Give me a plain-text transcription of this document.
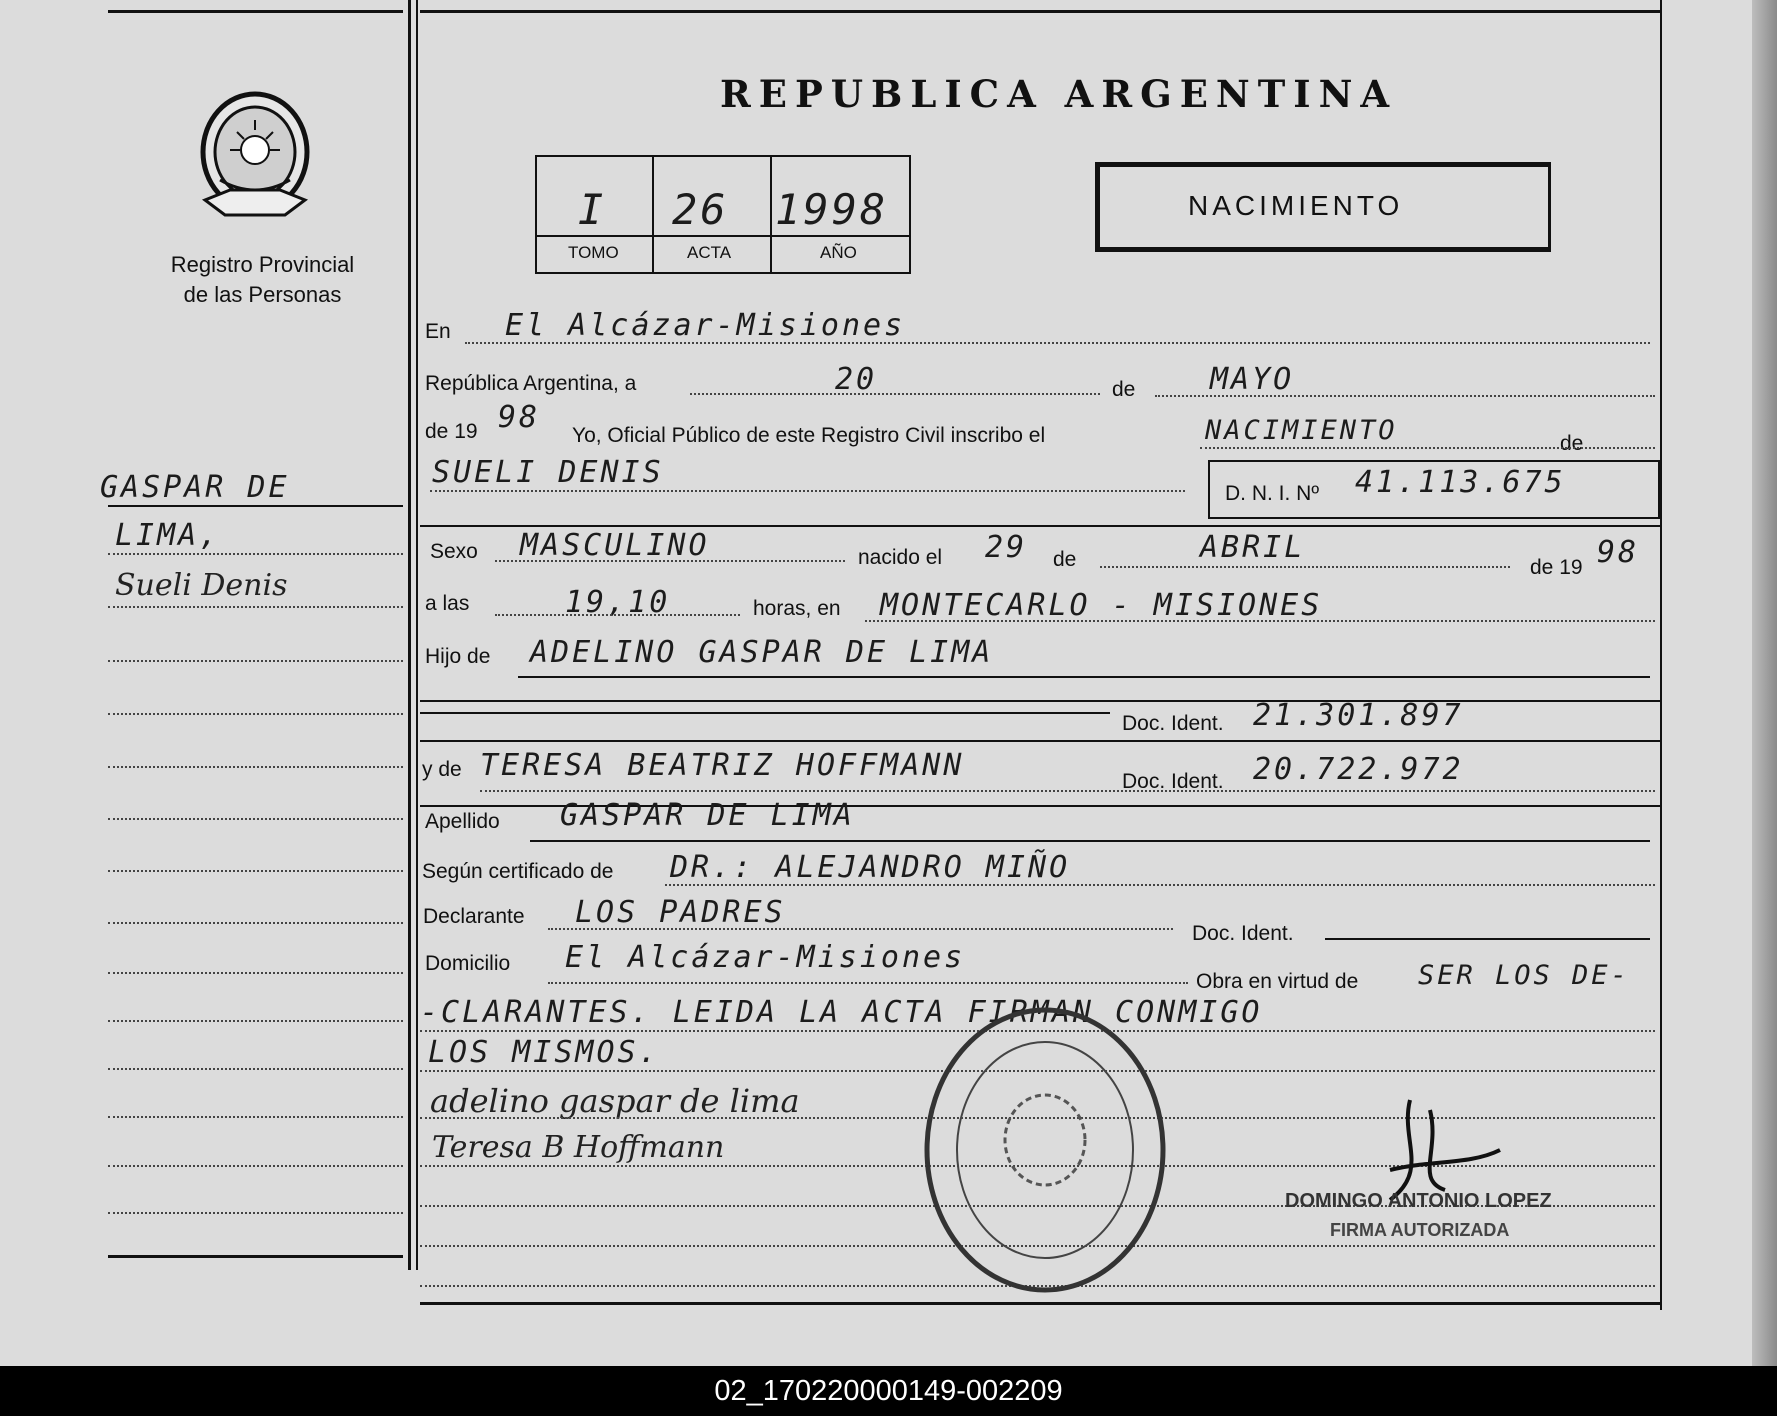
Registro Provincial
de las Personas
REPUBLICA ARGENTINA
I 26 1998
TOMO	ACTA	AÑO
NACIMIENTO
GASPAR DE
LIMA,
Sueli Denis
En El Alcázar-Misiones
República Argentina, a	20	de MAYO
de 19 98
Yo, Oficial Público de este Registro Civil inscribo el	NACIMIENTO	de
SUELI DENIS
D. N. I. Nº 41.113.675
Sexo MASCULINO	nacido el 29 de	ABRIL
de 19 98
a las	19,10	horas, en MONTECARLO - MISIONES
Hijo de ADELINO GASPAR DE LIMA
Doc. Ident. 21.301.897
y de TERESA BEATRIZ HOFFMANN	Doc. Ident. 20.722.972
Apellido GASPAR DE LIMA
Según certificado de DR.: ALEJANDRO MIÑO
Declarante LOS PADRES
Doc. Ident.
Domicilio El Alcázar-Misiones
Obra en virtud de SER LOS DE-
-CLARANTES. LEIDA LA ACTA FIRMAN CONMIGO
LOS MISMOS.
adelino gaspar de lima
Teresa B Hoffmann
DOMINGO ANTONIO LOPEZ
FIRMA AUTORIZADA
02_170220000149-002209
